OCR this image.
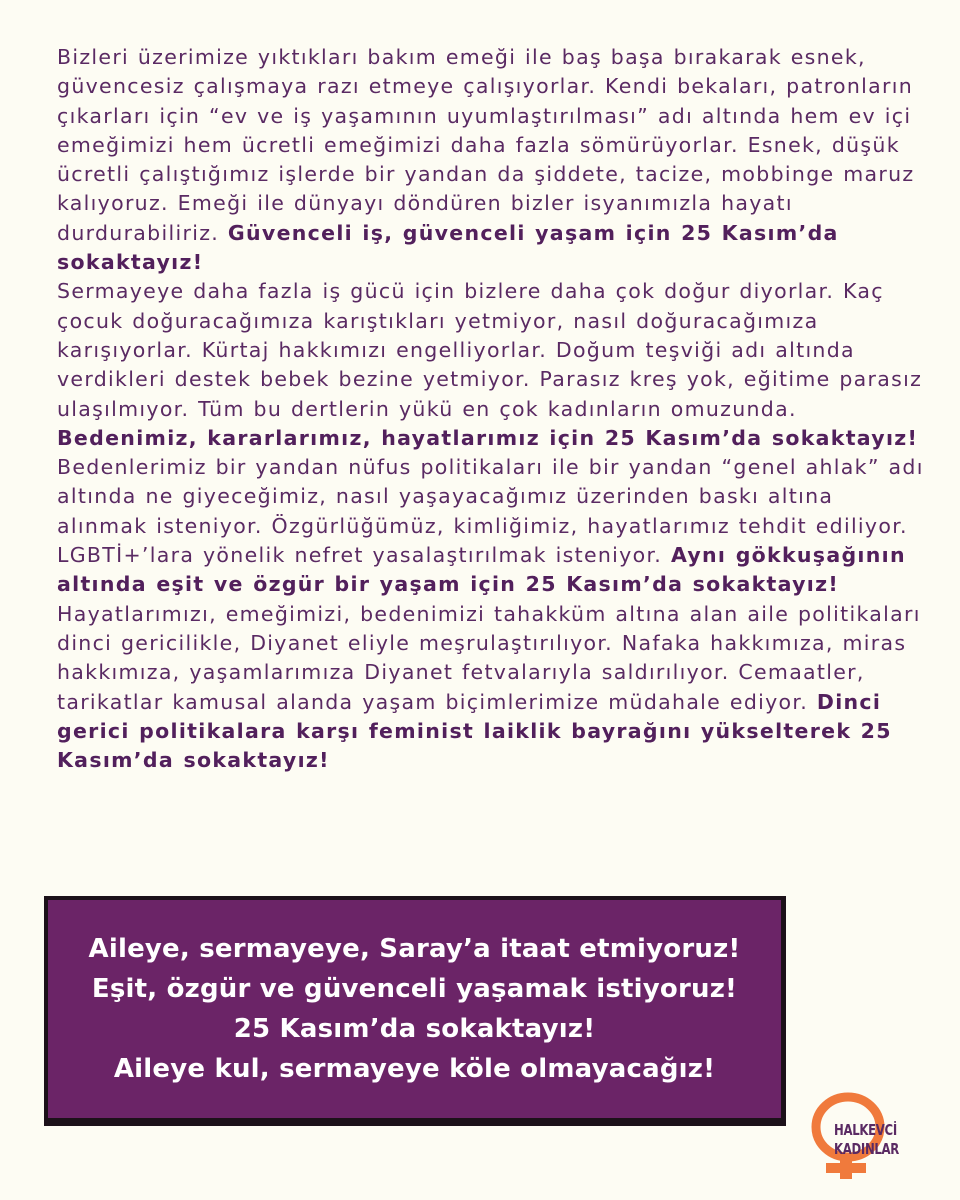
Bizleri üzerimize yıktıkları bakım emeği ile baş başa bırakarak esnek, güvencesiz çalışmaya razı etmeye çalışıyorlar. Kendi bekaları, patronların çıkarları için “ev ve iş yaşamının uyumlaştırılması” adı altında hem ev içi emeğimizi hem ücretli emeğimizi daha fazla sömürüyorlar. Esnek, düşük ücretli çalıştığımız işlerde bir yandan da şiddete, tacize, mobbinge maruz kalıyoruz. Emeği ile dünyayı döndüren bizler isyanımızla hayatı durdurabiliriz. Güvenceli iş, güvenceli yaşam için 25 Kasım’da sokaktayız!

Sermayeye daha fazla iş gücü için bizlere daha çok doğur diyorlar. Kaç çocuk doğuracağımıza karıştıkları yetmiyor, nasıl doğuracağımıza karışıyorlar. Kürtaj hakkımızı engelliyorlar. Doğum teşviği adı altında verdikleri destek bebek bezine yetmiyor. Parasız kreş yok, eğitime parasız ulaşılmıyor. Tüm bu dertlerin yükü en çok kadınların omuzunda. Bedenimiz, kararlarımız, hayatlarımız için 25 Kasım’da sokaktayız!

Bedenlerimiz bir yandan nüfus politikaları ile bir yandan “genel ahlak” adı altında ne giyeceğimiz, nasıl yaşayacağımız üzerinden baskı altına alınmak isteniyor. Özgürlüğümüz, kimliğimiz, hayatlarımız tehdit ediliyor. LGBTİ+’lara yönelik nefret yasalaştırılmak isteniyor. Aynı gökkuşağının altında eşit ve özgür bir yaşam için 25 Kasım’da sokaktayız!

Hayatlarımızı, emeğimizi, bedenimizi tahakküm altına alan aile politikaları dinci gericilikle, Diyanet eliyle meşrulaştırılıyor. Nafaka hakkımıza, miras hakkımıza, yaşamlarımıza Diyanet fetvalarıyla saldırılıyor. Cemaatler, tarikatlar kamusal alanda yaşam biçimlerimize müdahale ediyor. Dinci gerici politikalara karşı feminist laiklik bayrağını yükselterek 25 Kasım’da sokaktayız!

Aileye, sermayeye, Saray’a itaat etmiyoruz!
Eşit, özgür ve güvenceli yaşamak istiyoruz!
25 Kasım’da sokaktayız!
Aileye kul, sermayeye köle olmayacağız!
HALKEVCİ
KADINLAR
